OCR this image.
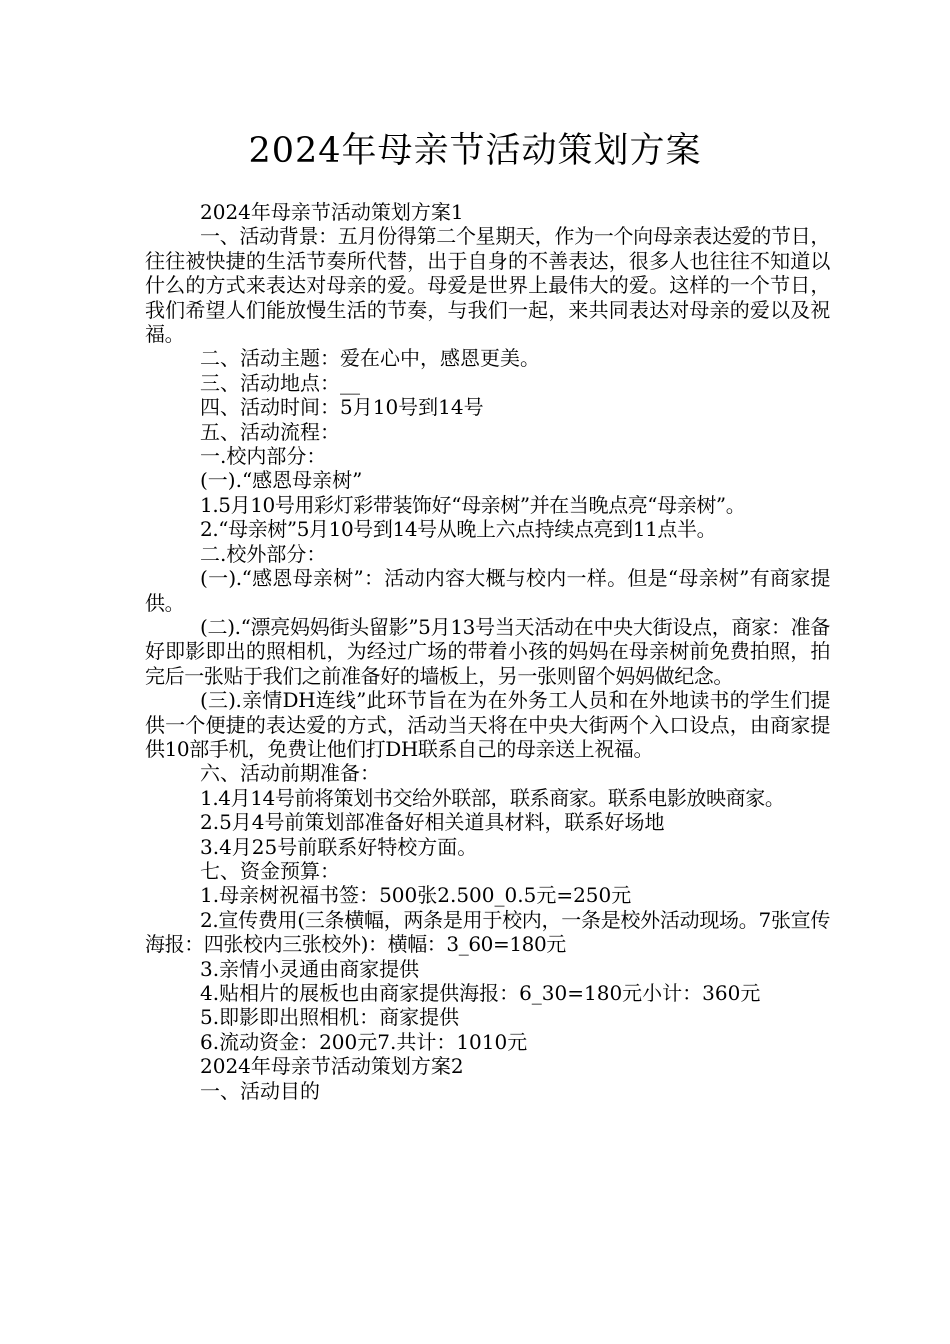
2024年母亲节活动策划方案

2024年母亲节活动策划方案1

一、活动背景：五月份得第二个星期天，作为一个向母亲表达爱的节日，往往被快捷的生活节奏所代替，出于自身的不善表达，很多人也往往不知道以什么的方式来表达对母亲的爱。母爱是世界上最伟大的爱。这样的一个节日，我们希望人们能放慢生活的节奏，与我们一起，来共同表达对母亲的爱以及祝福。

二、活动主题：爱在心中，感恩更美。

三、活动地点：__

四、活动时间：5月10号到14号

五、活动流程：

一.校内部分：

(一).“感恩母亲树”

1.5月10号用彩灯彩带装饰好“母亲树”并在当晚点亮“母亲树”。

2.“母亲树”5月10号到14号从晚上六点持续点亮到11点半。

二.校外部分：

(一).“感恩母亲树”：活动内容大概与校内一样。但是“母亲树”有商家提供。

(二).“漂亮妈妈街头留影”5月13号当天活动在中央大街设点，商家：准备好即影即出的照相机，为经过广场的带着小孩的妈妈在母亲树前免费拍照，拍完后一张贴于我们之前准备好的墙板上，另一张则留个妈妈做纪念。

(三).亲情DH连线”此环节旨在为在外务工人员和在外地读书的学生们提供一个便捷的表达爱的方式，活动当天将在中央大街两个入口设点，由商家提供10部手机，免费让他们打DH联系自己的母亲送上祝福。

六、活动前期准备：

1.4月14号前将策划书交给外联部，联系商家。联系电影放映商家。

2.5月4号前策划部准备好相关道具材料，联系好场地

3.4月25号前联系好特校方面。

七、资金预算：

1.母亲树祝福书签：500张2.500_0.5元=250元

2.宣传费用(三条横幅，两条是用于校内，一条是校外活动现场。7张宣传海报：四张校内三张校外)：横幅：3_60=180元

3.亲情小灵通由商家提供

4.贴相片的展板也由商家提供海报：6_30=180元小计：360元

5.即影即出照相机：商家提供

6.流动资金：200元7.共计：1010元

2024年母亲节活动策划方案2

一、活动目的
